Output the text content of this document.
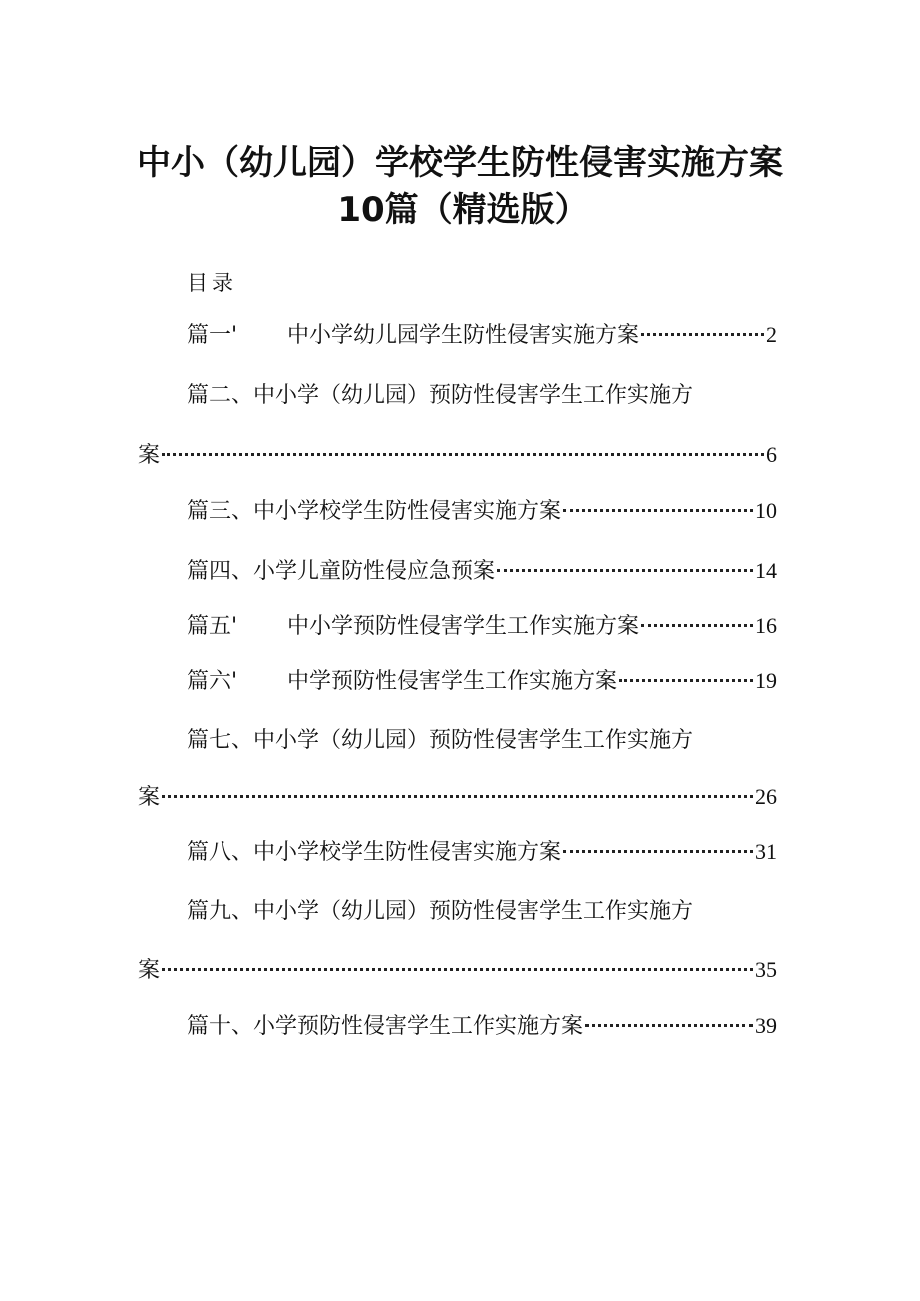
中小（幼儿园）学校学生防性侵害实施方案
10篇（精选版）
目录
篇一' 中小学幼儿园学生防性侵害实施方案	2
篇二、中小学（幼儿园）预防性侵害学生工作实施方
案	6
篇三、中小学校学生防性侵害实施方案	10
篇四、小学儿童防性侵应急预案	14
篇五' 中小学预防性侵害学生工作实施方案	16
篇六' 中学预防性侵害学生工作实施方案	19
篇七、中小学（幼儿园）预防性侵害学生工作实施方
案	26
篇八、中小学校学生防性侵害实施方案	31
篇九、中小学（幼儿园）预防性侵害学生工作实施方
案	35
篇十、小学预防性侵害学生工作实施方案	39
